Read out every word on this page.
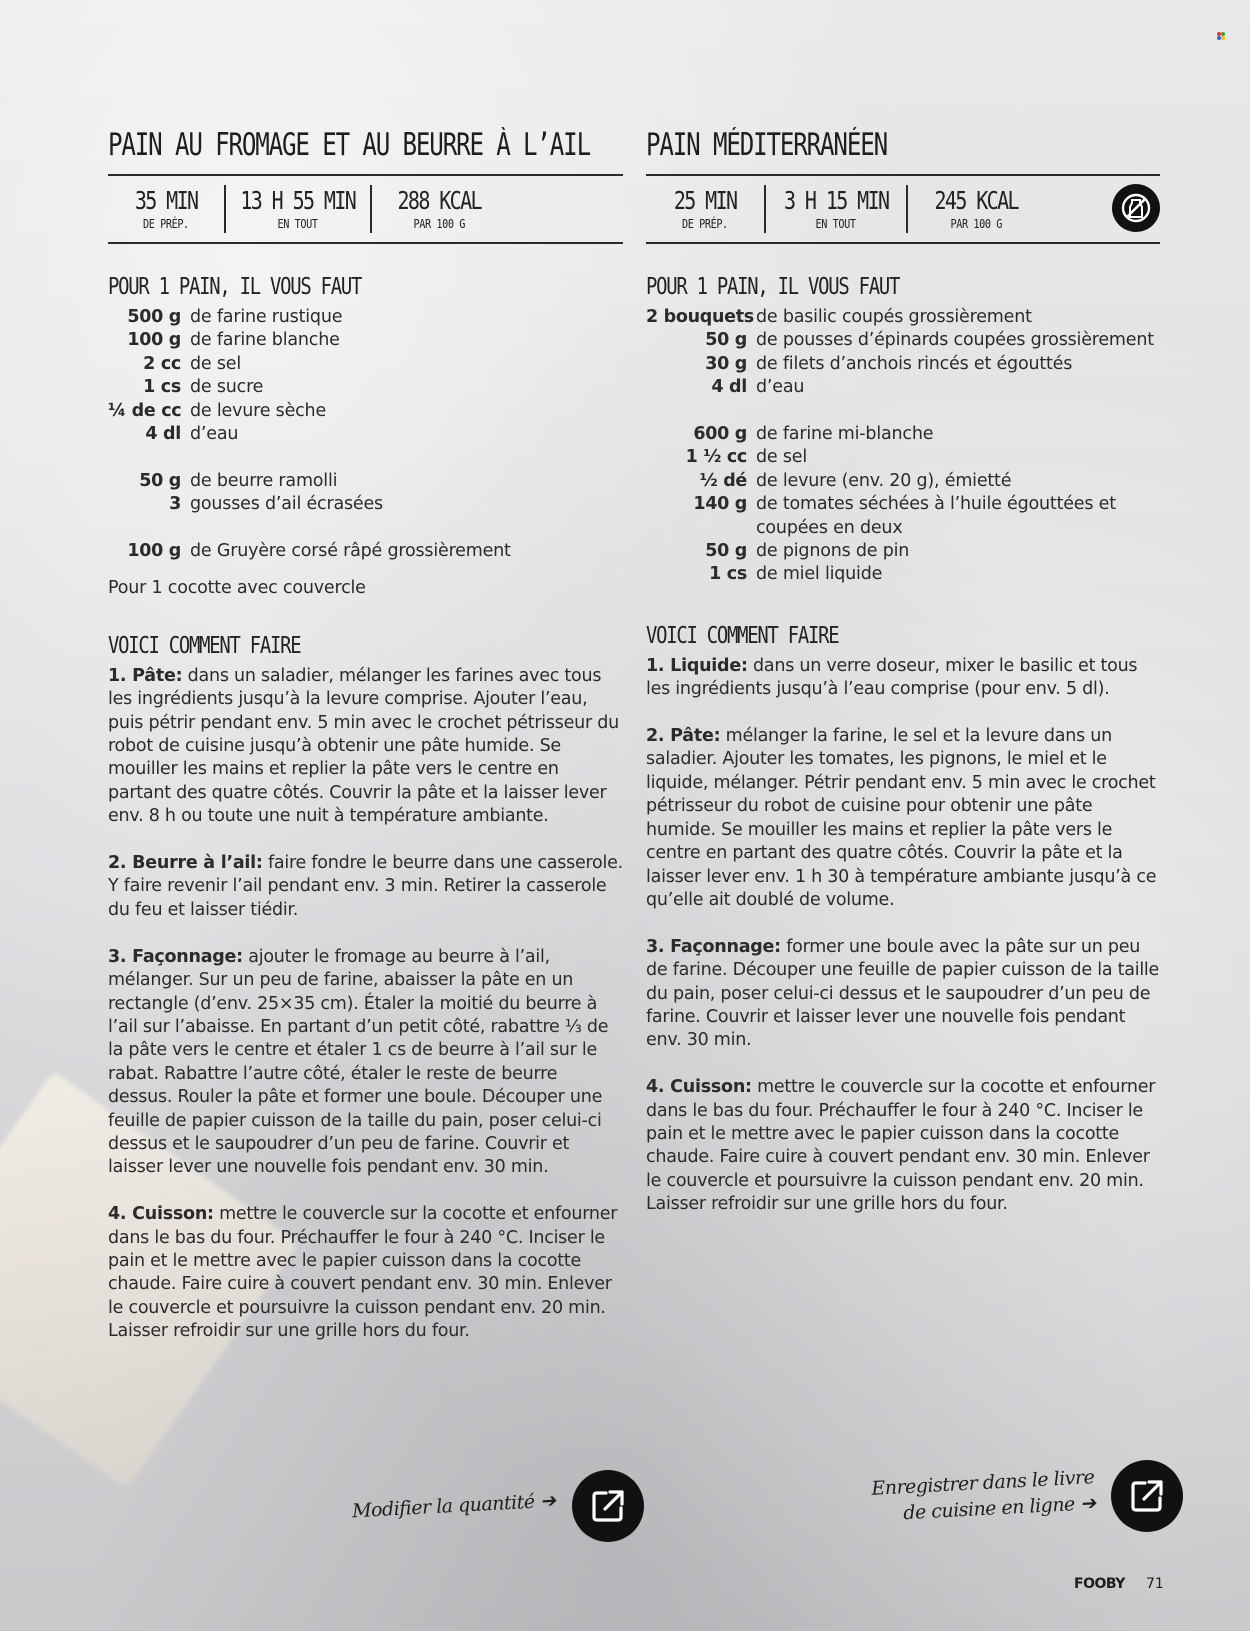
PAIN AU FROMAGE ET AU BEURRE À L’AIL
35 MIN
DE PRÉP.
13 H 55 MIN
EN TOUT
288 KCAL
PAR 100 G
POUR 1 PAIN, IL VOUS FAUT
500 g de farine rustique
100 g de farine blanche
2 cc de sel
1 cs de sucre
¼ de cc de levure sèche
4 dl d’eau
50 g de beurre ramolli
3 gousses d’ail écrasées
100 g de Gruyère corsé râpé grossièrement
Pour 1 cocotte avec couvercle
VOICI COMMENT FAIRE
1. Pâte: dans un saladier, mélanger les farines avec tous les ingrédients jusqu’à la levure comprise. Ajouter l’eau, puis pétrir pendant env. 5 min avec le crochet pétrisseur du robot de cuisine jusqu’à obtenir une pâte humide. Se mouiller les mains et replier la pâte vers le centre en partant des quatre côtés. Couvrir la pâte et la laisser lever env. 8 h ou toute une nuit à température ambiante.
2. Beurre à l’ail: faire fondre le beurre dans une casserole. Y faire revenir l’ail pendant env. 3 min. Retirer la casserole du feu et laisser tiédir.
3. Façonnage: ajouter le fromage au beurre à l’ail, mélanger. Sur un peu de farine, abaisser la pâte en un rectangle (d’env. 25×35 cm). Étaler la moitié du beurre à l’ail sur l’abaisse. En partant d’un petit côté, rabattre ⅓ de la pâte vers le centre et étaler 1 cs de beurre à l’ail sur le rabat. Rabattre l’autre côté, étaler le reste de beurre dessus. Rouler la pâte et former une boule. Découper une feuille de papier cuisson de la taille du pain, poser celui-ci dessus et le saupoudrer d’un peu de farine. Couvrir et laisser lever une nouvelle fois pendant env. 30 min.
4. Cuisson: mettre le couvercle sur la cocotte et enfourner dans le bas du four. Préchauffer le four à 240 °C. Inciser le pain et le mettre avec le papier cuisson dans la cocotte chaude. Faire cuire à couvert pendant env. 30 min. Enlever le couvercle et poursuivre la cuisson pendant env. 20 min. Laisser refroidir sur une grille hors du four.
PAIN MÉDITERRANÉEN
25 MIN
DE PRÉP.
3 H 15 MIN
EN TOUT
245 KCAL
PAR 100 G
POUR 1 PAIN, IL VOUS FAUT
2 bouquets de basilic coupés grossièrement
50 g de pousses d’épinards coupées grossièrement
30 g de filets d’anchois rincés et égouttés
4 dl d’eau
600 g de farine mi-blanche
1 ½ cc de sel
½ dé de levure (env. 20 g), émietté
140 g de tomates séchées à l’huile égouttées et coupées en deux
50 g de pignons de pin
1 cs de miel liquide
VOICI COMMENT FAIRE
1. Liquide: dans un verre doseur, mixer le basilic et tous les ingrédients jusqu’à l’eau comprise (pour env. 5 dl).
2. Pâte: mélanger la farine, le sel et la levure dans un saladier. Ajouter les tomates, les pignons, le miel et le liquide, mélanger. Pétrir pendant env. 5 min avec le crochet pétrisseur du robot de cuisine pour obtenir une pâte humide. Se mouiller les mains et replier la pâte vers le centre en partant des quatre côtés. Couvrir la pâte et la laisser lever env. 1 h 30 à température ambiante jusqu’à ce qu’elle ait doublé de volume.
3. Façonnage: former une boule avec la pâte sur un peu de farine. Découper une feuille de papier cuisson de la taille du pain, poser celui-ci dessus et le saupoudrer d’un peu de farine. Couvrir et laisser lever une nouvelle fois pendant env. 30 min.
4. Cuisson: mettre le couvercle sur la cocotte et enfourner dans le bas du four. Préchauffer le four à 240 °C. Inciser le pain et le mettre avec le papier cuisson dans la cocotte chaude. Faire cuire à couvert pendant env. 30 min. Enlever le couvercle et poursuivre la cuisson pendant env. 20 min. Laisser refroidir sur une grille hors du four.
Modifier la quantité ➔
Enregistrer dans le livre
de cuisine en ligne ➔
FOOBY 71
